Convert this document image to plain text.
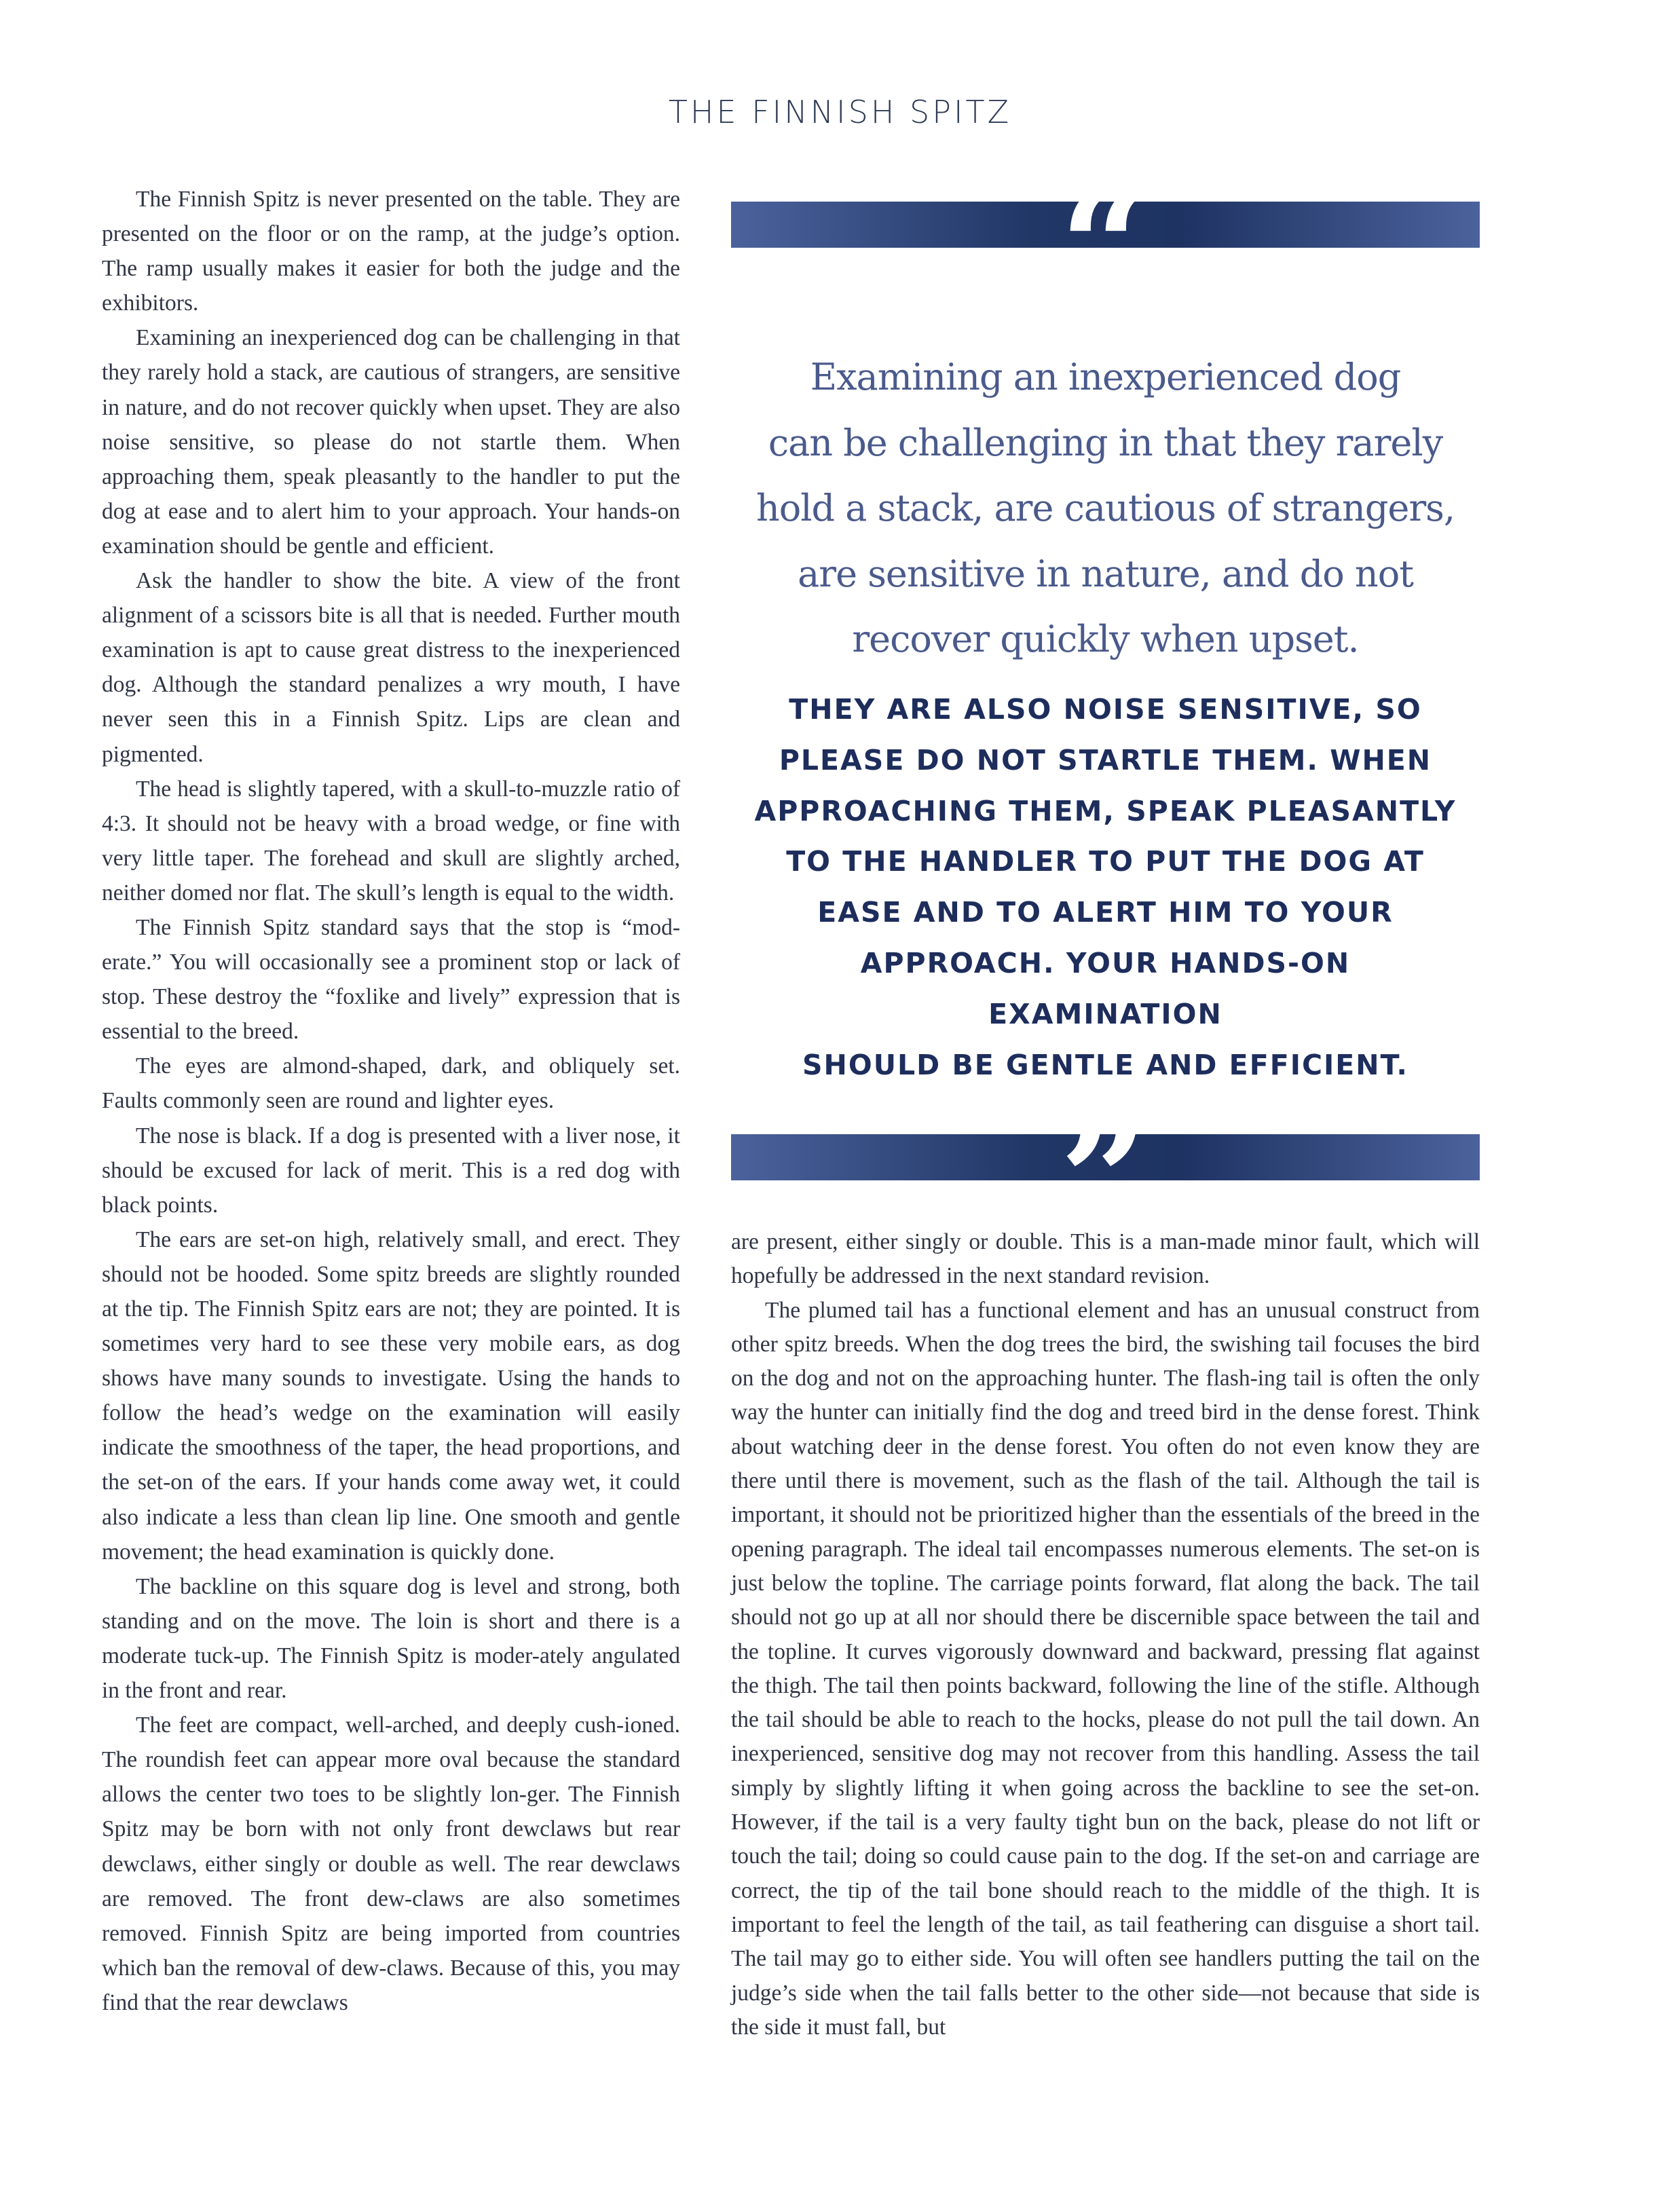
THE FINNISH SPITZ

The Finnish Spitz is never presented on the table. They are presented on the floor or on the ramp, at the judge’s option. The ramp usually makes it easier for both the judge and the exhibitors.

Examining an inexperienced dog can be challenging in that they rarely hold a stack, are cautious of strangers, are sensitive in nature, and do not recover quickly when upset. They are also noise sensitive, so please do not startle them. When approaching them, speak pleasantly to the handler to put the dog at ease and to alert him to your approach. Your hands-on examination should be gentle and efficient.

Ask the handler to show the bite. A view of the front alignment of a scissors bite is all that is needed. Further mouth examination is apt to cause great distress to the inexperienced dog. Although the standard penalizes a wry mouth, I have never seen this in a Finnish Spitz. Lips are clean and pigmented.

The head is slightly tapered, with a skull-to-muzzle ratio of 4:3. It should not be heavy with a broad wedge, or fine with very little taper. The forehead and skull are slightly arched, neither domed nor flat. The skull’s length is equal to the width.

The Finnish Spitz standard says that the stop is “mod-erate.” You will occasionally see a prominent stop or lack of stop. These destroy the “foxlike and lively” expression that is essential to the breed.

The eyes are almond-shaped, dark, and obliquely set. Faults commonly seen are round and lighter eyes.

The nose is black. If a dog is presented with a liver nose, it should be excused for lack of merit. This is a red dog with black points.

The ears are set-on high, relatively small, and erect. They should not be hooded. Some spitz breeds are slightly rounded at the tip. The Finnish Spitz ears are not; they are pointed. It is sometimes very hard to see these very mobile ears, as dog shows have many sounds to investigate. Using the hands to follow the head’s wedge on the examination will easily indicate the smoothness of the taper, the head proportions, and the set-on of the ears. If your hands come away wet, it could also indicate a less than clean lip line. One smooth and gentle movement; the head examination is quickly done.

The backline on this square dog is level and strong, both standing and on the move. The loin is short and there is a moderate tuck-up. The Finnish Spitz is moder-ately angulated in the front and rear.

The feet are compact, well-arched, and deeply cush-ioned. The roundish feet can appear more oval because the standard allows the center two toes to be slightly lon-ger. The Finnish Spitz may be born with not only front dewclaws but rear dewclaws, either singly or double as well. The rear dewclaws are removed. The front dew-claws are also sometimes removed. Finnish Spitz are being imported from countries which ban the removal of dew-claws. Because of this, you may find that the rear dewclaws

“
Examining an inexperienced dog
can be challenging in that they rarely
hold a stack, are cautious of strangers,
are sensitive in nature, and do not
recover quickly when upset.
THEY ARE ALSO NOISE SENSITIVE, SO
PLEASE DO NOT STARTLE THEM. WHEN
APPROACHING THEM, SPEAK PLEASANTLY
TO THE HANDLER TO PUT THE DOG AT
EASE AND TO ALERT HIM TO YOUR
APPROACH. YOUR HANDS-ON EXAMINATION
SHOULD BE GENTLE AND EFFICIENT.
”

are present, either singly or double. This is a man-made minor fault, which will hopefully be addressed in the next standard revision.

The plumed tail has a functional element and has an unusual construct from other spitz breeds. When the dog trees the bird, the swishing tail focuses the bird on the dog and not on the approaching hunter. The flash-ing tail is often the only way the hunter can initially find the dog and treed bird in the dense forest. Think about watching deer in the dense forest. You often do not even know they are there until there is movement, such as the flash of the tail. Although the tail is important, it should not be prioritized higher than the essentials of the breed in the opening paragraph. The ideal tail encompasses numerous elements. The set-on is just below the topline. The carriage points forward, flat along the back. The tail should not go up at all nor should there be discernible space between the tail and the topline. It curves vigorously downward and backward, pressing flat against the thigh. The tail then points backward, following the line of the stifle. Although the tail should be able to reach to the hocks, please do not pull the tail down. An inexperienced, sensitive dog may not recover from this handling. Assess the tail simply by slightly lifting it when going across the backline to see the set-on. However, if the tail is a very faulty tight bun on the back, please do not lift or touch the tail; doing so could cause pain to the dog. If the set-on and carriage are correct, the tip of the tail bone should reach to the middle of the thigh. It is important to feel the length of the tail, as tail feathering can disguise a short tail. The tail may go to either side. You will often see handlers putting the tail on the judge’s side when the tail falls better to the other side—not because that side is the side it must fall, but
